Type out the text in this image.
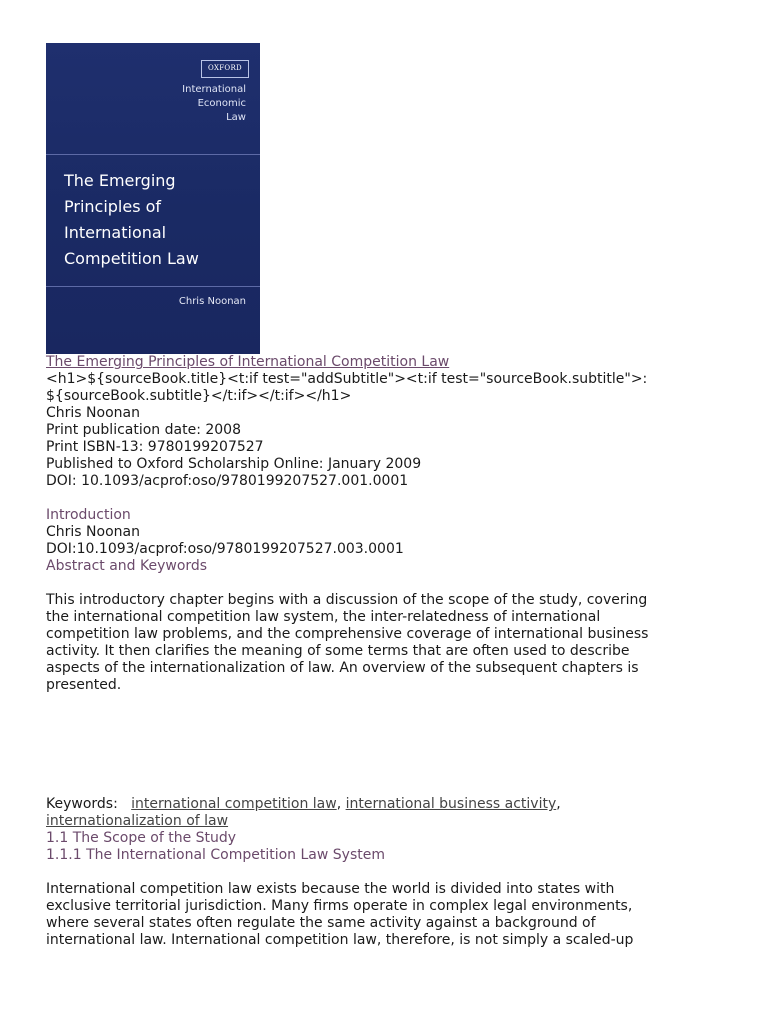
OXFORD
International
Economic
Law
The Emerging
Principles of
International
Competition Law
Chris Noonan
The Emerging Principles of International Competition Law
<h1>${sourceBook.title}<t:if test="addSubtitle"><t:if test="sourceBook.subtitle">:
${sourceBook.subtitle}</t:if></t:if></h1>
Chris Noonan
Print publication date: 2008
Print ISBN-13: 9780199207527
Published to Oxford Scholarship Online: January 2009
DOI: 10.1093/acprof:oso/9780199207527.001.0001
Introduction
Chris Noonan
DOI:10.1093/acprof:oso/9780199207527.003.0001
Abstract and Keywords
This introductory chapter begins with a discussion of the scope of the study, covering
the international competition law system, the inter-relatedness of international
competition law problems, and the comprehensive coverage of international business
activity. It then clarifies the meaning of some terms that are often used to describe
aspects of the internationalization of law. An overview of the subsequent chapters is
presented.
Keywords: international competition law, international business activity,
internationalization of law
1.1 The Scope of the Study
1.1.1 The International Competition Law System
International competition law exists because the world is divided into states with
exclusive territorial jurisdiction. Many firms operate in complex legal environments,
where several states often regulate the same activity against a background of
international law. International competition law, therefore, is not simply a scaled-up
